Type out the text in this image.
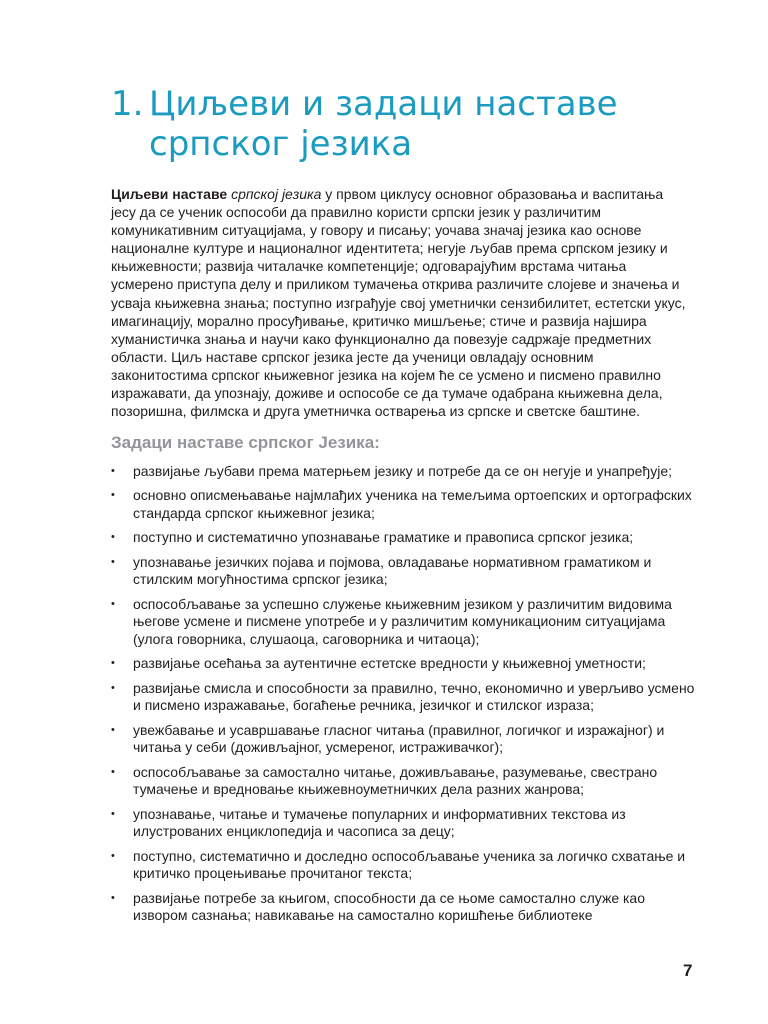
1. Циљеви и задаци наставе српског језика

Циљеви наставе српској језика у првом циклусу основног образовања и васпитања јесу да се ученик оспособи да правилно користи српски језик у различитим комуникативним ситуацијама, у говору и писању; уочава значај језика као основе националне културе и националног идентитета; негује љубав према српском језику и књижевности; развија читалачке компетенције; одговарајућим врстама читања усмерено приступа делу и приликом тумачења открива различите слојеве и значења и усваја књижевна знања; поступно изграђује свој уметнички сензибилитет, естетски укус, имагинацију, морално просуђивање, критичко мишљење; стиче и развија најшира хуманистичка знања и научи како функционално да повезује садржаје предметних области. Циљ наставе српског језика јесте да ученици овладају основним законитостима српског књижевног језика на којем ће се усмено и писмено правилно изражавати, да упознају, доживе и оспособе се да тумаче одабрана књижевна дела, позоришна, филмска и друга уметничка остварења из српске и светске баштине.

Задаци наставе српског Језика:
• развијање љубави према матерњем језику и потребе да се он негује и унапређује;
• основно описмењавање најмлађих ученика на темељима ортоепских и ортографских стандарда српског књижевног језика;
• поступно и систематично упознавање граматике и правописа српског језика;
• упознавање језичких појава и појмова, овладавање нормативном граматиком и стилским могућностима српског језика;
• оспособљавање за успешно служење књижевним језиком у различитим видовима његове усмене и писмене употребе и у различитим комуникационим ситуацијама (улога говорника, слушаоца, саговорника и читаоца);
• развијање осећања за аутентичне естетске вредности у књижевној уметности;
• развијање смисла и способности за правилно, течно, економично и уверљиво усмено и писмено изражавање, богаћење речника, језичког и стилског израза;
• увежбавање и усавршавање гласног читања (правилног, логичког и изражајног) и читања у себи (доживљајног, усмереног, истраживачког);
• оспособљавање за самостално читање, доживљавање, разумевање, свестрано тумачење и вредновање књижевноуметничких дела разних жанрова;
• упознавање, читање и тумачење популарних и информативних текстова из илустрованих енциклопедија и часописа за децу;
• поступно, систематично и доследно оспособљавање ученика за логичко схватање и критичко процењивање прочитаног текста;
• развијање потребе за књигом, способности да се њоме самостално служе као извором сазнања; навикавање на самостално коришћење библиотеке
7
